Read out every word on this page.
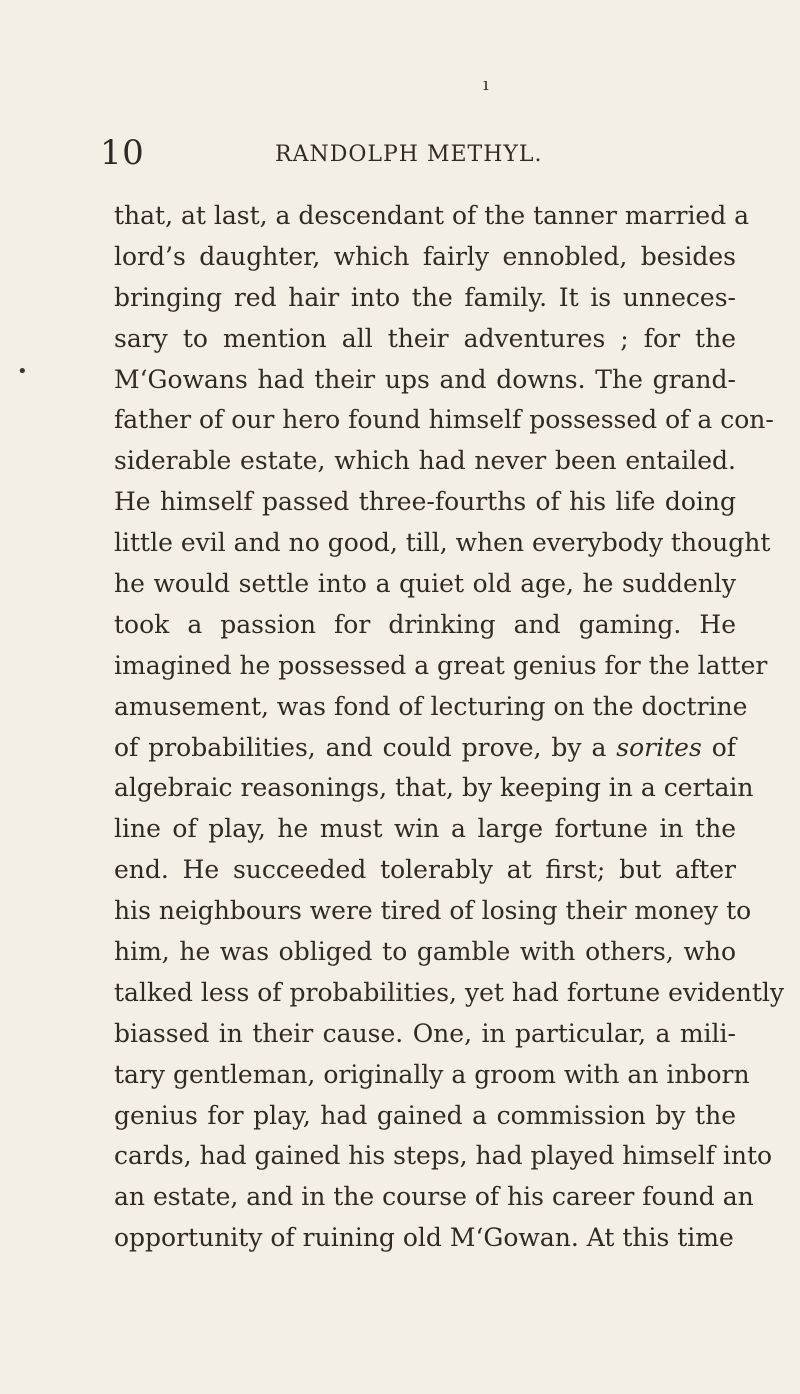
ı
•
10	RANDOLPH METHYL.
that, at last, a descendant of the tanner married a
lord’s daughter, which fairly ennobled, besides
bringing red hair into the family. It is unneces-
sary to mention all their adventures ; for the
M‘Gowans had their ups and downs. The grand-
father of our hero found himself possessed of a con-
siderable estate, which had never been entailed.
He himself passed three-fourths of his life doing
little evil and no good, till, when everybody thought
he would settle into a quiet old age, he suddenly
took a passion for drinking and gaming. He
imagined he possessed a great genius for the latter
amusement, was fond of lecturing on the doctrine
of probabilities, and could prove, by a sorites of
algebraic reasonings, that, by keeping in a certain
line of play, he must win a large fortune in the
end. He succeeded tolerably at first; but after
his neighbours were tired of losing their money to
him, he was obliged to gamble with others, who
talked less of probabilities, yet had fortune evidently
biassed in their cause. One, in particular, a mili-
tary gentleman, originally a groom with an inborn
genius for play, had gained a commission by the
cards, had gained his steps, had played himself into
an estate, and in the course of his career found an
opportunity of ruining old M‘Gowan. At this time
